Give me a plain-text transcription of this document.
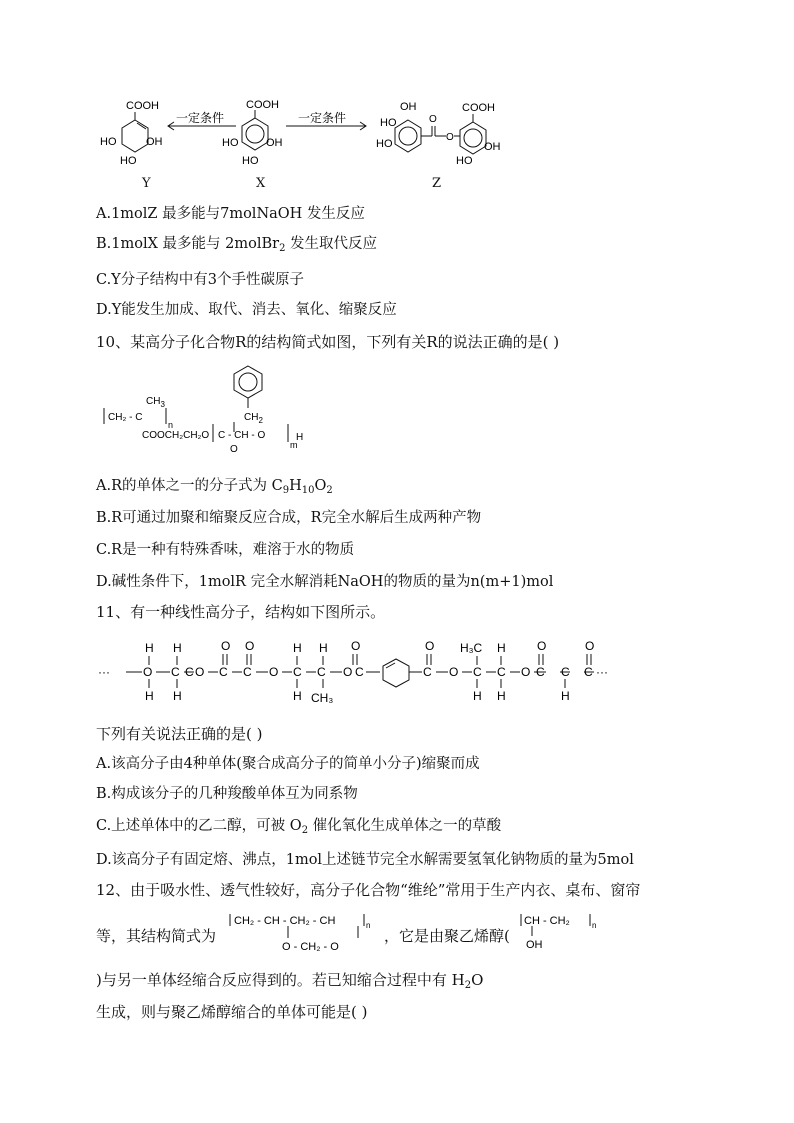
COOH
HO
HO
OH
一定条件
COOH
HO
HO
OH
一定条件
OH
HO
HO
O
O
COOH
HO
OH
Y	X	Z
A.1molZ 最多能与7molNaOH 发生反应
B.1molX 最多能与 2molBr$_2$ 发生取代反应
C.Y分子结构中有3个手性碳原子
D.Y能发生加成、取代、消去、氧化、缩聚反应
10、某高分子化合物R的结构简式如图，下列有关R的说法正确的是( )
$CH_3$
$CH_2$
CH₂ - C
n
COOCH₂CH₂O C - CH - O
O	m
H
A.R的单体之一的分子式为 $C_9H_{10}O_2$
B.R可通过加聚和缩聚反应合成，R完全水解后生成两种产物
C.R是一种有特殊香味，难溶于水的物质
D.碱性条件下，1molR 完全水解消耗NaOH的物质的量为n(m+1)mol
11、有一种线性高分子，结构如下图所示。
···	O C C O C C O C C O C	C O C C O C C C ···
H
H
H
H
O O	H
H
H
CH₃
O	O H₃C
H
H
H
O
H
O
下列有关说法正确的是( )
A.该高分子由4种单体(聚合成高分子的简单小分子)缩聚而成
B.构成该分子的几种羧酸单体互为同系物
C.上述单体中的乙二醇，可被 $O_2$ 催化氧化生成单体之一的草酸
D.该高分子有固定熔、沸点，1mol上述链节完全水解需要氢氧化钠物质的量为5mol
12、由于吸水性、透气性较好，高分子化合物“维纶”常用于生产内衣、桌布、窗帘
等，其结构简式为
CH₂ - CH - CH₂ - CH	n
O - CH₂ - O
，它是由聚乙烯醇(
CH - CH₂	n
OH
)与另一单体经缩合反应得到的。若已知缩合过程中有 $H_2O$
生成，则与聚乙烯醇缩合的单体可能是( )
